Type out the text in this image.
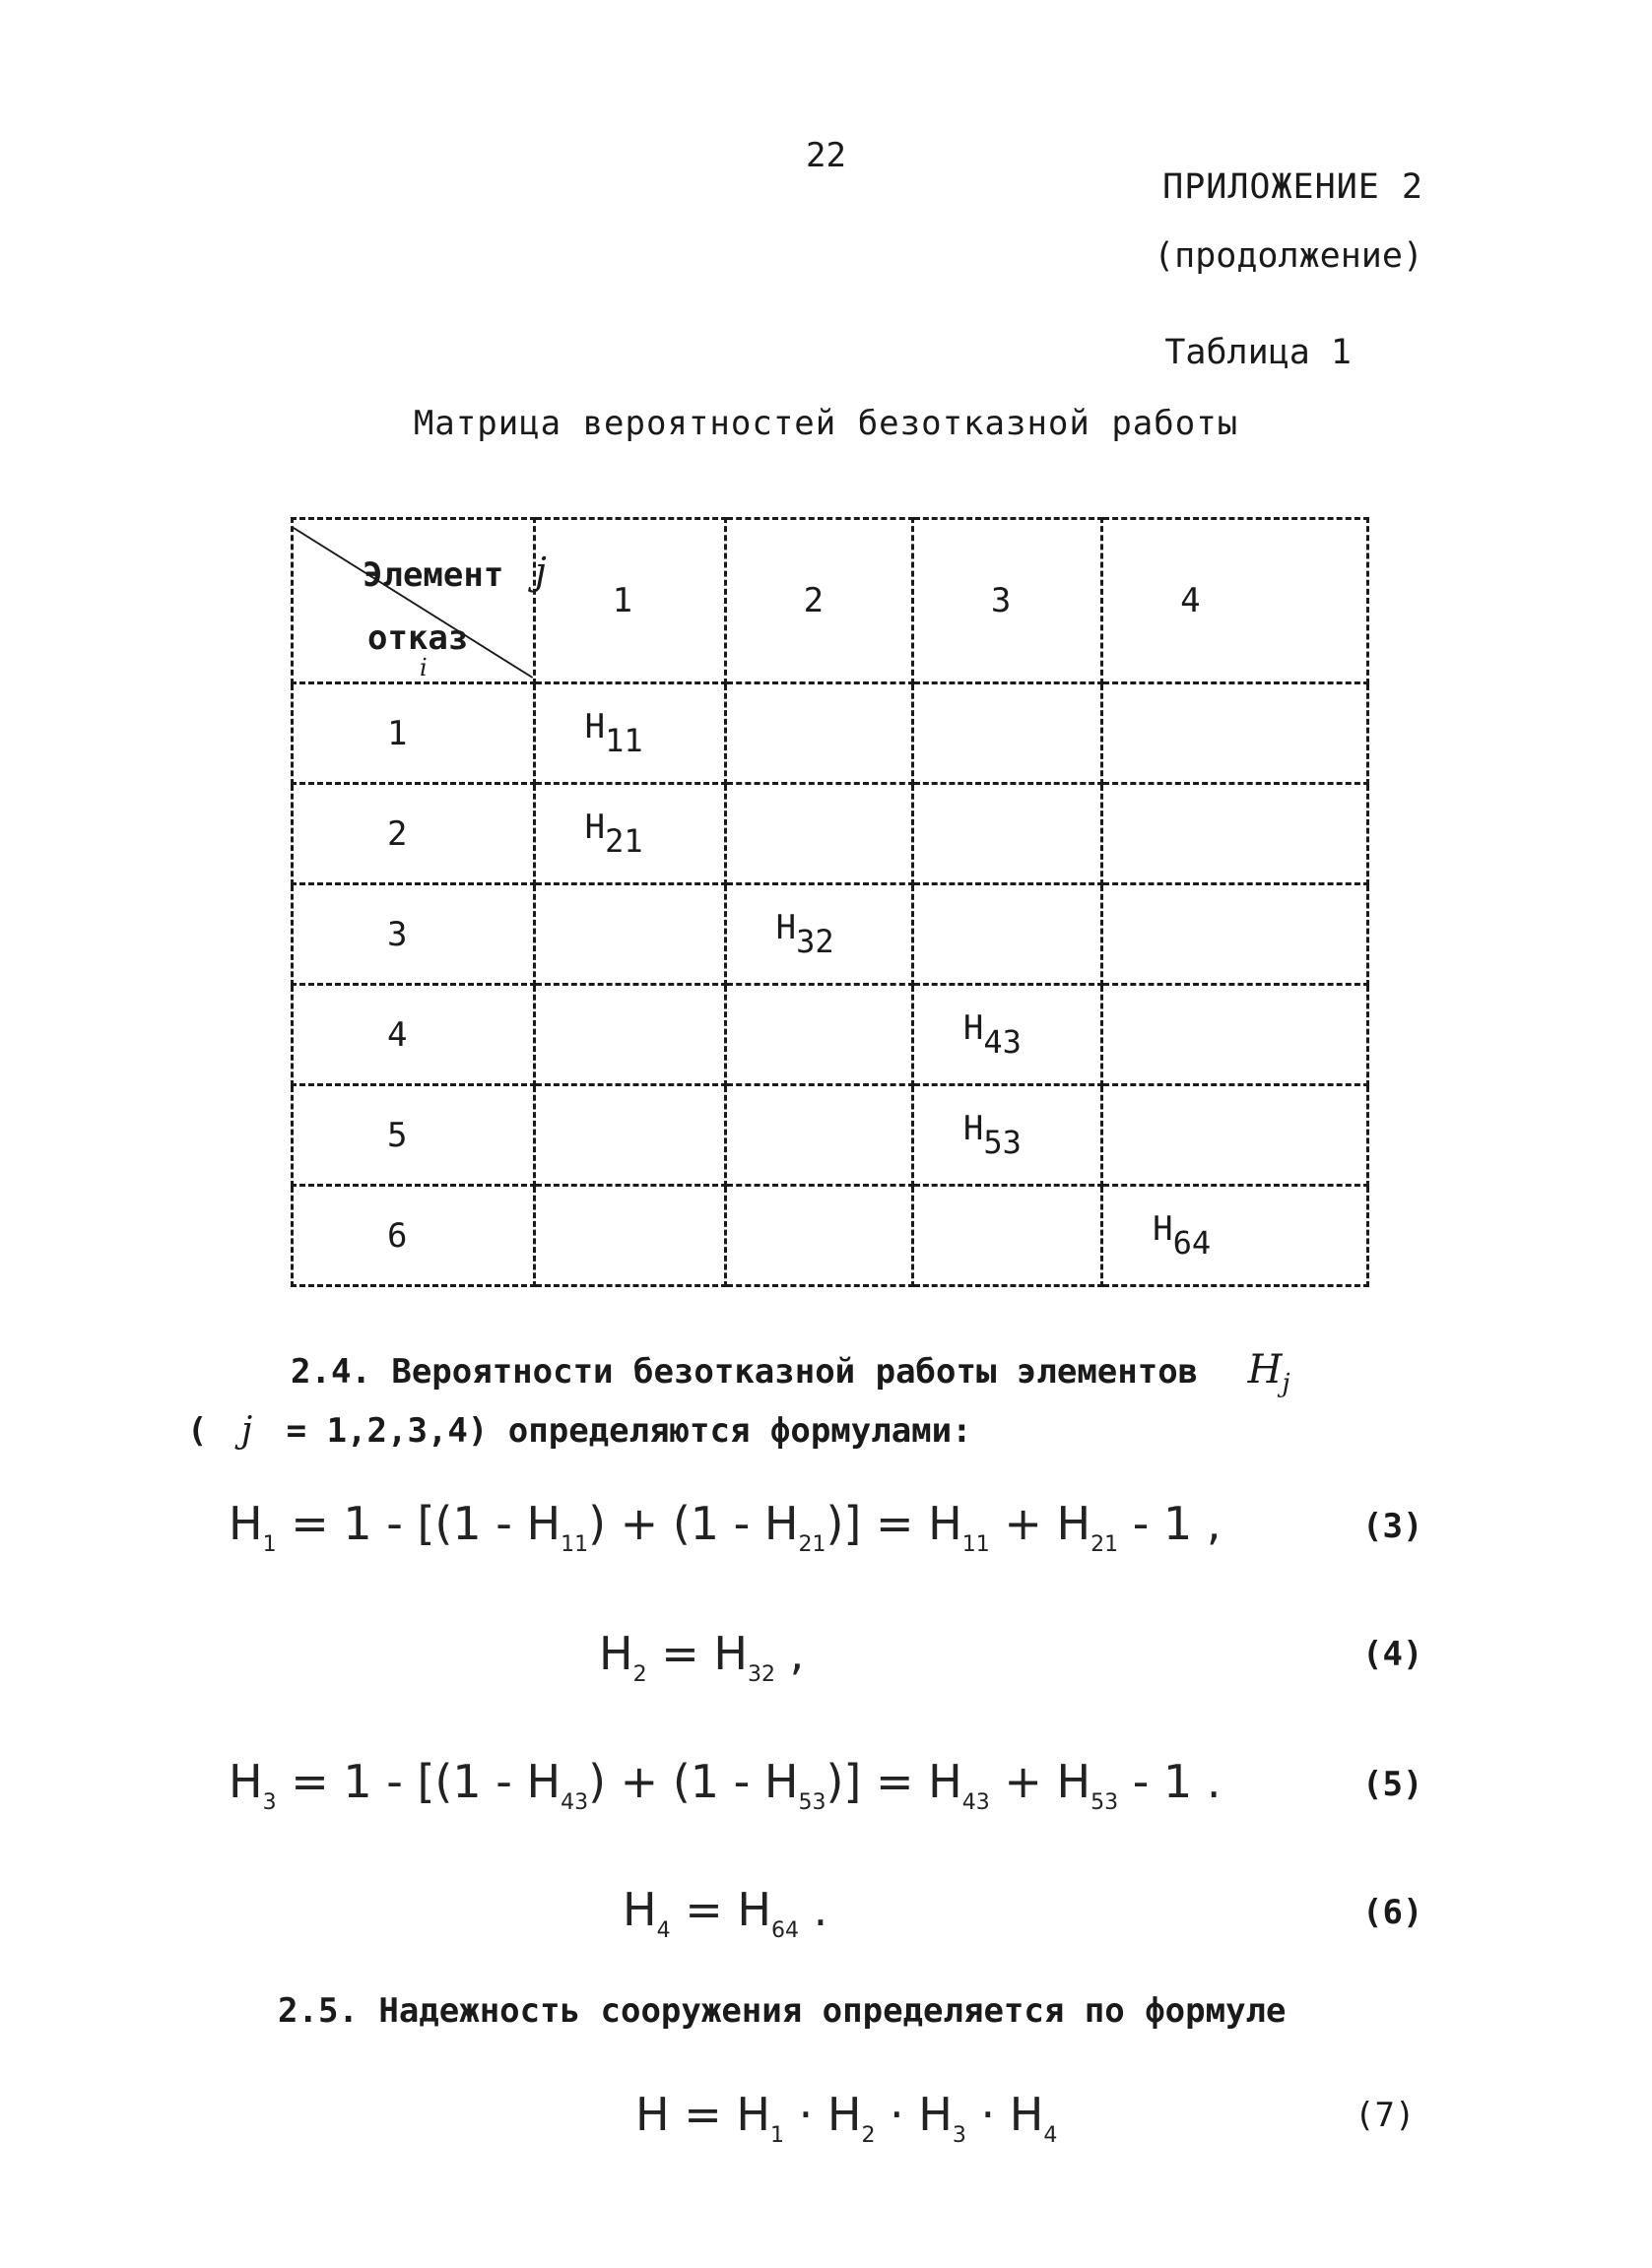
22
ПРИЛОЖЕНИЕ 2
(продолжение)
Таблица 1
Матрица вероятностей безотказной работы
Элемент j
отказ
i	1	2	3	4
1	$H_{11}$			
2	$H_{21}$			
3		$H_{32}$		
4			$H_{43}$	
5			$H_{53}$	
6				$H_{64}$
2.4. Вероятности безотказной работы элементов $H_j$
( j = 1,2,3,4) определяются формулами:
$H_1 = 1 - [(1 - H_{11}) + (1 - H_{21})] = H_{11} + H_{21} - 1$ ,	(3)
$H_2 = H_{32}$ ,	(4)
$H_3 = 1 - [(1 - H_{43}) + (1 - H_{53})] = H_{43} + H_{53} - 1$ .	(5)
$H_4 = H_{64}$ .	(6)
2.5. Надежность сооружения определяется по формуле
$H = H_1 \cdot H_2 \cdot H_3 \cdot H_4$
(7)
